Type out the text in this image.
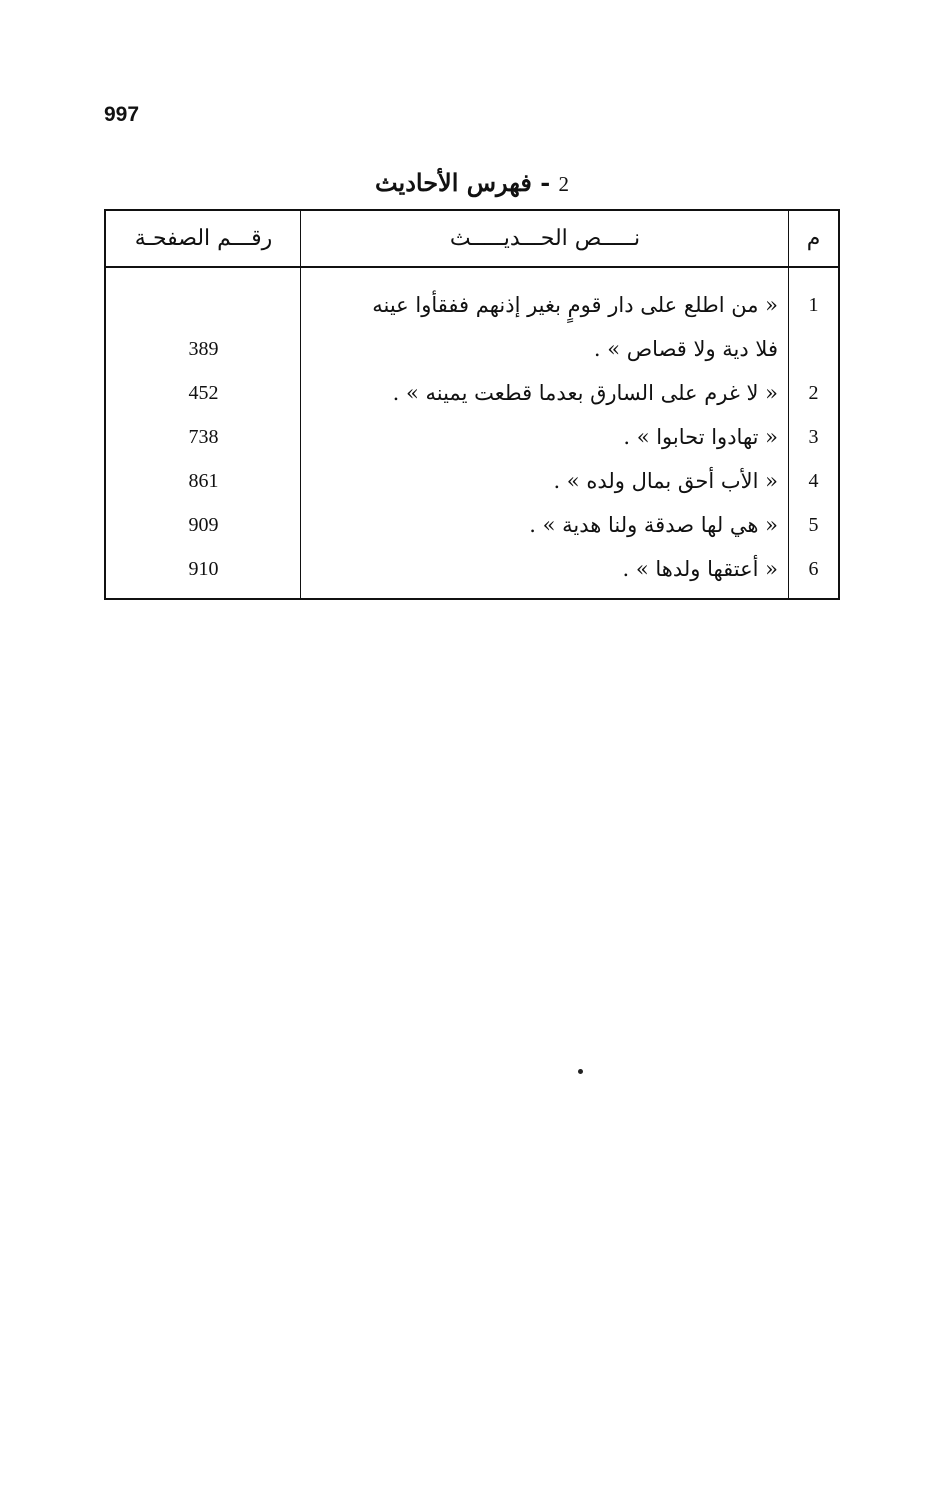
997
2 - فهرس الأحاديث
م
نـــــص الحـــديـــــث
رقـــم الصفحـة
1
« من اطلع على دار قومٍ بغير إذنهم ففقأوا عينه
فلا دية ولا قصاص » .
389
2
« لا غرم على السارق بعدما قطعت يمينه » .
452
3
« تهادوا تحابوا » .
738
4
« الأب أحق بمال ولده » .
861
5
« هي لها صدقة ولنا هدية » .
909
6
« أعتقها ولدها » .
910
